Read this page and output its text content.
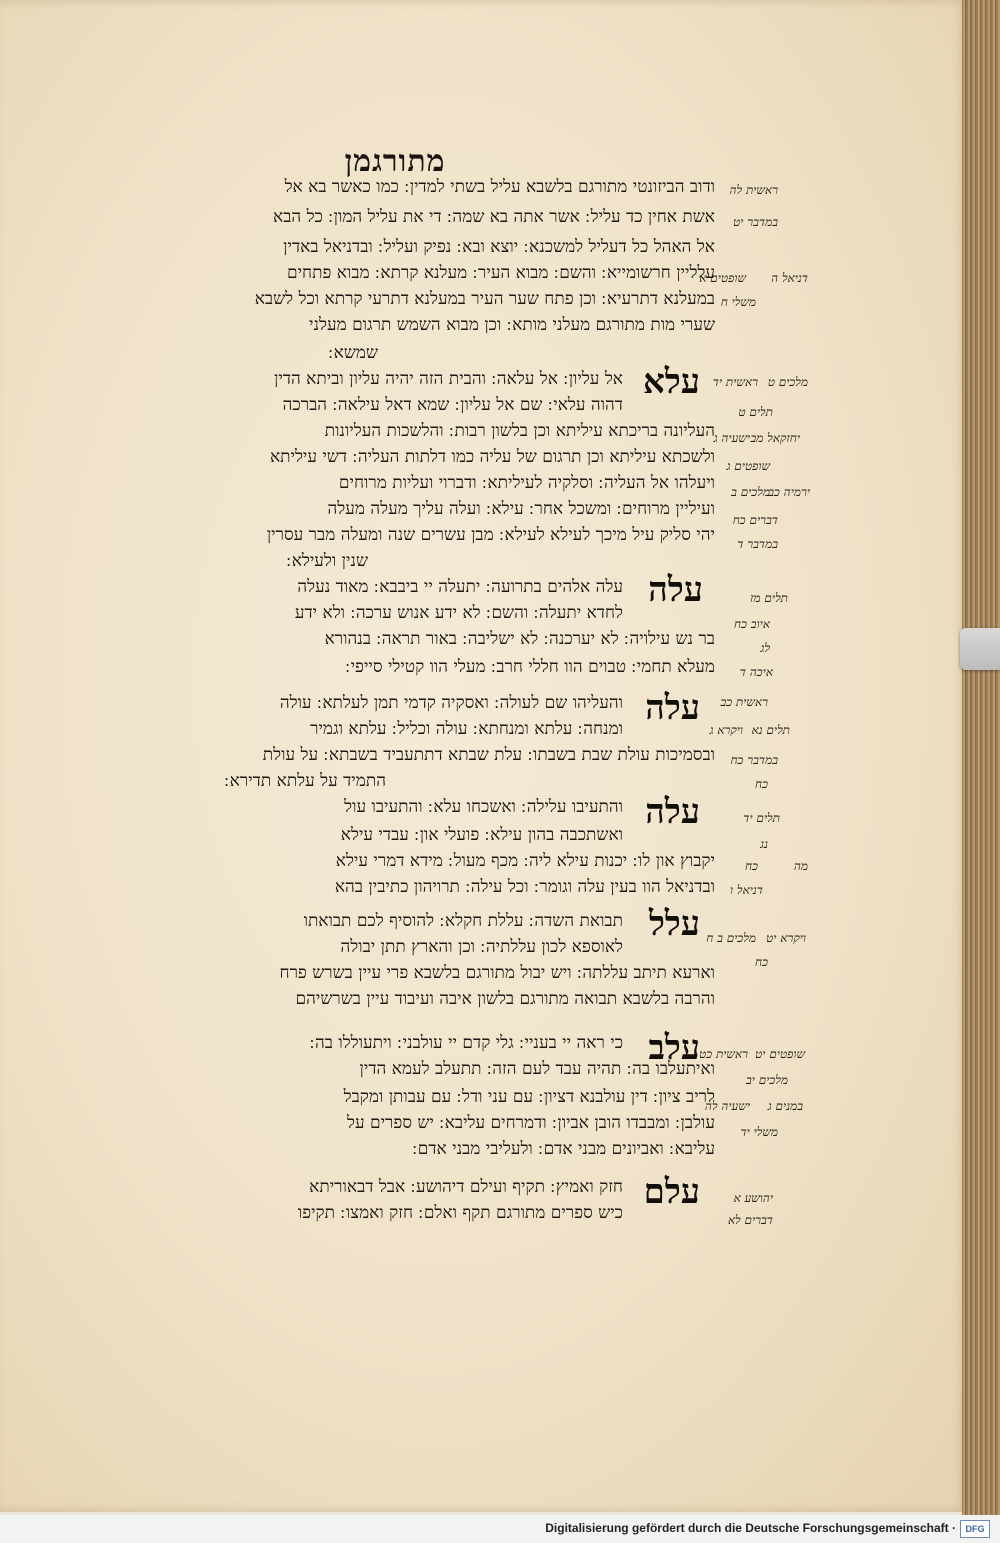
מתורגמן
ודוב הביזונטי מתורגם בלשבא עליל בשתי למדין ׃ כמו כאשר בא אל
אשת אחין כד עליל ׃ אשר אתה בא שמה ׃ די את עליל המון ׃ כל הבא
אל האהל כל דעליל למשכנא ׃ יוצא ובא ׃ נפיק ועליל ׃ ובדניאל באדין
עלליין חרשומייא ׃ והשם ׃ מבוא העיר ׃ מעלנא קרתא ׃ מבוא פתחים
במעלנא דתרעיא ׃ וכן פתח שער העיר במעלנא דתרעי קרתא וכל לשבא
שערי מות מתורגם מעלני מותא ׃ וכן מבוא השמש תרגום מעלני
שמשא ׃
עלא
אל עליון ׃ אל עלאה ׃ והבית הזה יהיה עליון וביתא הדין
דהוה עלאי ׃ שם אל עליון ׃ שמא דאל עילאה ׃ הברכה
העליונה בריכתא עיליתא וכן בלשון רבות ׃ והלשכות העליונות
ולשכתא עיליתא וכן תרגום של עליה כמו דלתות העליה ׃ דשי עיליתא
ויעלהו אל העליה ׃ וסלקיה לעיליתא ׃ ודברוי ועליות מרוחים
ועיליין מרוחים ׃ ומשכל אחר ׃ עילא ׃ ועלה עליך מעלה מעלה
יהי סליק עיל מיכך לעילא לעילא ׃ מבן עשרים שנה ומעלה מבר עסרין
שנין ולעילא ׃
עלה
עלה אלהים בתרועה ׃ יתעלה יי ביבבא ׃ מאוד נעלה
לחדא יתעלה ׃ והשם ׃ לא ידע אנוש ערכה ׃ ולא ידע
בר נש עילויה ׃ לא יערכנה ׃ לא ישליבה ׃ באור תראה ׃ בנהורא
מעלא תחמי ׃ טבוים הוו חללי חרב ׃ מעלי הוו קטילי סייפי ׃
עלה
והעליהו שם לעולה ׃ ואסקיה קדמי תמן לעלתא ׃ עולה
ומנחה ׃ עלתא ומנחתא ׃ עולה וכליל ׃ עלתא וגמיר
ובסמיכות עולת שבת בשבתו ׃ עלת שבתא דתתעביד בשבתא ׃ על עולת
התמיד על עלתא תדירא ׃
עלה
והתעיבו עלילה ׃ ואשכחו עלא ׃ והתעיבו עול
ואשתכבה בהון עילא ׃ פועלי און ׃ עבדי עילא
יקבוץ און לו ׃ יכנות עילא ליה ׃ מכף מעול ׃ מידא דמרי עילא
ובדניאל הוו בעין עלה וגומר ׃ וכל עילה ׃ תרויהון כתיבין בהא
עלל
תבואת השדה ׃ עללת חקלא ׃ להוסיף לכם תבואתו
לאוספא לכון עללתיה ׃ וכן והארץ תתן יבולה
וארעא תיתב עללתה ׃ ויש יבול מתורגם בלשבא פרי עיין בשרש פרח
והרבה בלשבא תבואה מתורגם בלשון איבה ועיבוד עיין בשרשיהם
עלב
כי ראה יי בעניי ׃ גלי קדם יי עולבני ׃ ויתעוללו בה ׃
ואיתעלבו בה ׃ תהיה עבד לעם הזה ׃ תתעלב לעמא הדין
לריב ציון ׃ דין עולבנא דציון ׃ עם עני ודל ׃ עם עבותן ומקבל
עולבן ׃ ומבבדו הובן אביון ׃ ודמרחים עליבא ׃ יש ספרים על
עליבא ׃ ואביונים מבני אדם ׃ ולעליבי מבני אדם ׃
עלם
חזק ואמיץ ׃ תקיף ועילם דיהושע ׃ אבל דבאוריתא
כיש ספרים מתורגם תקף ואלם ׃ חזק ואמצו ׃ תקיפו
ראשית לה
במדבר יט
דניאל ה
שופטים א
משלי ח
ראשית יד מלכים ט
תלים ט
ישעיה ג יחזקאל מב
שופטים ג
מלכים ב
ירמיה כב
דברים כח
במדבר ד
תלים מז
איוב כח
לג
איכה ד
ראשית כב
ויקרא ג תלים נא
במדבר כח
כח
תלים יד
נג
מה
כח
דניאל ו
מלכים ב ח ויקרא יט
כח
ראשית כט שופטים יט
מלכים יב
ישעיה לה במנים ג
משלי יד
יהושע א
דברים לא
Digitalisierung gefördert durch die Deutsche Forschungsgemeinschaft ·	DFG
